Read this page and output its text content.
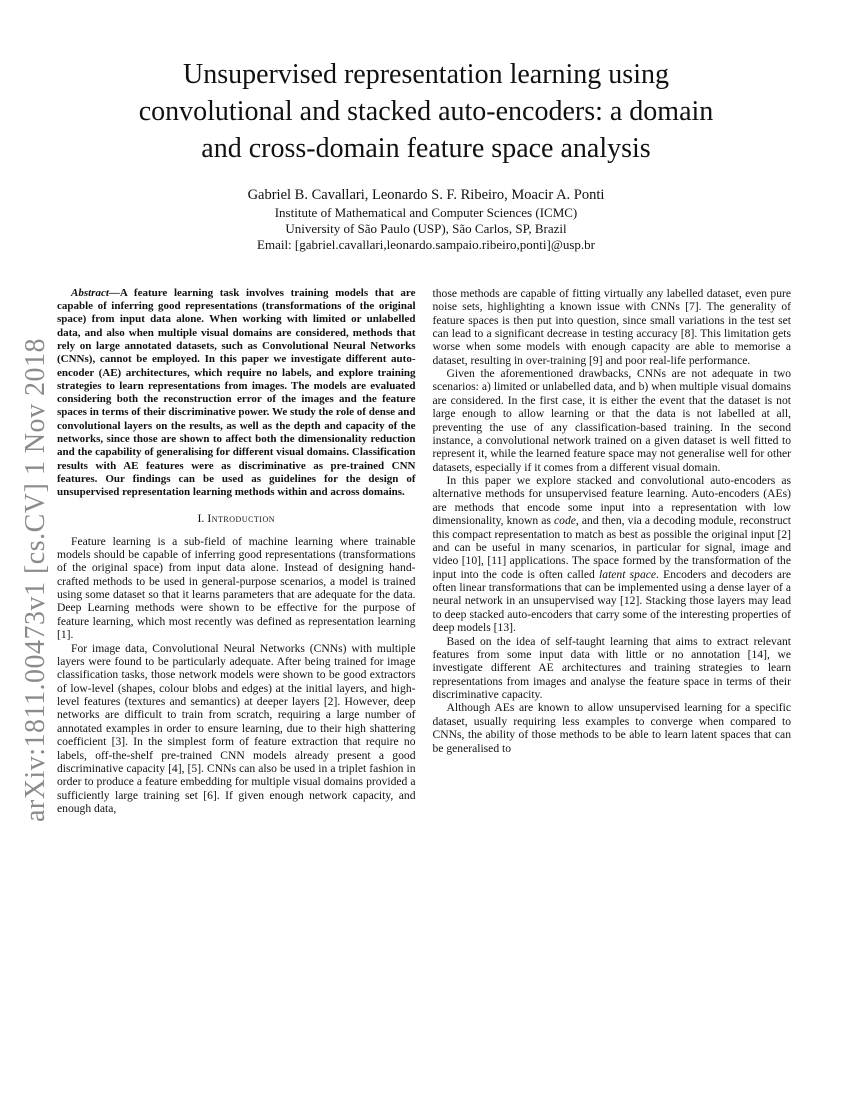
arXiv:1811.00473v1 [cs.CV] 1 Nov 2018
Unsupervised representation learning using
convolutional and stacked auto-encoders: a domain
and cross-domain feature space analysis
Gabriel B. Cavallari, Leonardo S. F. Ribeiro, Moacir A. Ponti
Institute of Mathematical and Computer Sciences (ICMC)
University of São Paulo (USP), São Carlos, SP, Brazil
Email: [gabriel.cavallari,leonardo.sampaio.ribeiro,ponti]@usp.br

Abstract—A feature learning task involves training models that are capable of inferring good representations (transformations of the original space) from input data alone. When working with limited or unlabelled data, and also when multiple visual domains are considered, methods that rely on large annotated datasets, such as Convolutional Neural Networks (CNNs), cannot be employed. In this paper we investigate different auto-encoder (AE) architectures, which require no labels, and explore training strategies to learn representations from images. The models are evaluated considering both the reconstruction error of the images and the feature spaces in terms of their discriminative power. We study the role of dense and convolutional layers on the results, as well as the depth and capacity of the networks, since those are shown to affect both the dimensionality reduction and the capability of generalising for different visual domains. Classification results with AE features were as discriminative as pre-trained CNN features. Our findings can be used as guidelines for the design of unsupervised representation learning methods within and across domains.

I. Introduction

Feature learning is a sub-field of machine learning where trainable models should be capable of inferring good representations (transformations of the original space) from input data alone. Instead of designing hand-crafted methods to be used in general-purpose scenarios, a model is trained using some dataset so that it learns parameters that are adequate for the data. Deep Learning methods were shown to be effective for the purpose of feature learning, which most recently was defined as representation learning [1].

For image data, Convolutional Neural Networks (CNNs) with multiple layers were found to be particularly adequate. After being trained for image classification tasks, those network models were shown to be good extractors of low-level (shapes, colour blobs and edges) at the initial layers, and high-level features (textures and semantics) at deeper layers [2]. However, deep networks are difficult to train from scratch, requiring a large number of annotated examples in order to ensure learning, due to their high shattering coefficient [3]. In the simplest form of feature extraction that require no labels, off-the-shelf pre-trained CNN models already present a good discriminative capacity [4], [5]. CNNs can also be used in a triplet fashion in order to produce a feature embedding for multiple visual domains provided a sufficiently large training set [6]. If given enough network capacity, and enough data,

those methods are capable of fitting virtually any labelled dataset, even pure noise sets, highlighting a known issue with CNNs [7]. The generality of feature spaces is then put into question, since small variations in the test set can lead to a significant decrease in testing accuracy [8]. This limitation gets worse when some models with enough capacity are able to memorise a dataset, resulting in over-training [9] and poor real-life performance.

Given the aforementioned drawbacks, CNNs are not adequate in two scenarios: a) limited or unlabelled data, and b) when multiple visual domains are considered. In the first case, it is either the event that the dataset is not large enough to allow learning or that the data is not labelled at all, preventing the use of any classification-based training. In the second instance, a convolutional network trained on a given dataset is well fitted to represent it, while the learned feature space may not generalise well for other datasets, especially if it comes from a different visual domain.

In this paper we explore stacked and convolutional auto-encoders as alternative methods for unsupervised feature learning. Auto-encoders (AEs) are methods that encode some input into a representation with low dimensionality, known as code, and then, via a decoding module, reconstruct this compact representation to match as best as possible the original input [2] and can be useful in many scenarios, in particular for signal, image and video [10], [11] applications. The space formed by the transformation of the input into the code is often called latent space. Encoders and decoders are often linear transformations that can be implemented using a dense layer of a neural network in an unsupervised way [12]. Stacking those layers may lead to deep stacked auto-encoders that carry some of the interesting properties of deep models [13].

Based on the idea of self-taught learning that aims to extract relevant features from some input data with little or no annotation [14], we investigate different AE architectures and training strategies to learn representations from images and analyse the feature space in terms of their discriminative capacity.

Although AEs are known to allow unsupervised learning for a specific dataset, usually requiring less examples to converge when compared to CNNs, the ability of those methods to be able to learn latent spaces that can be generalised to
